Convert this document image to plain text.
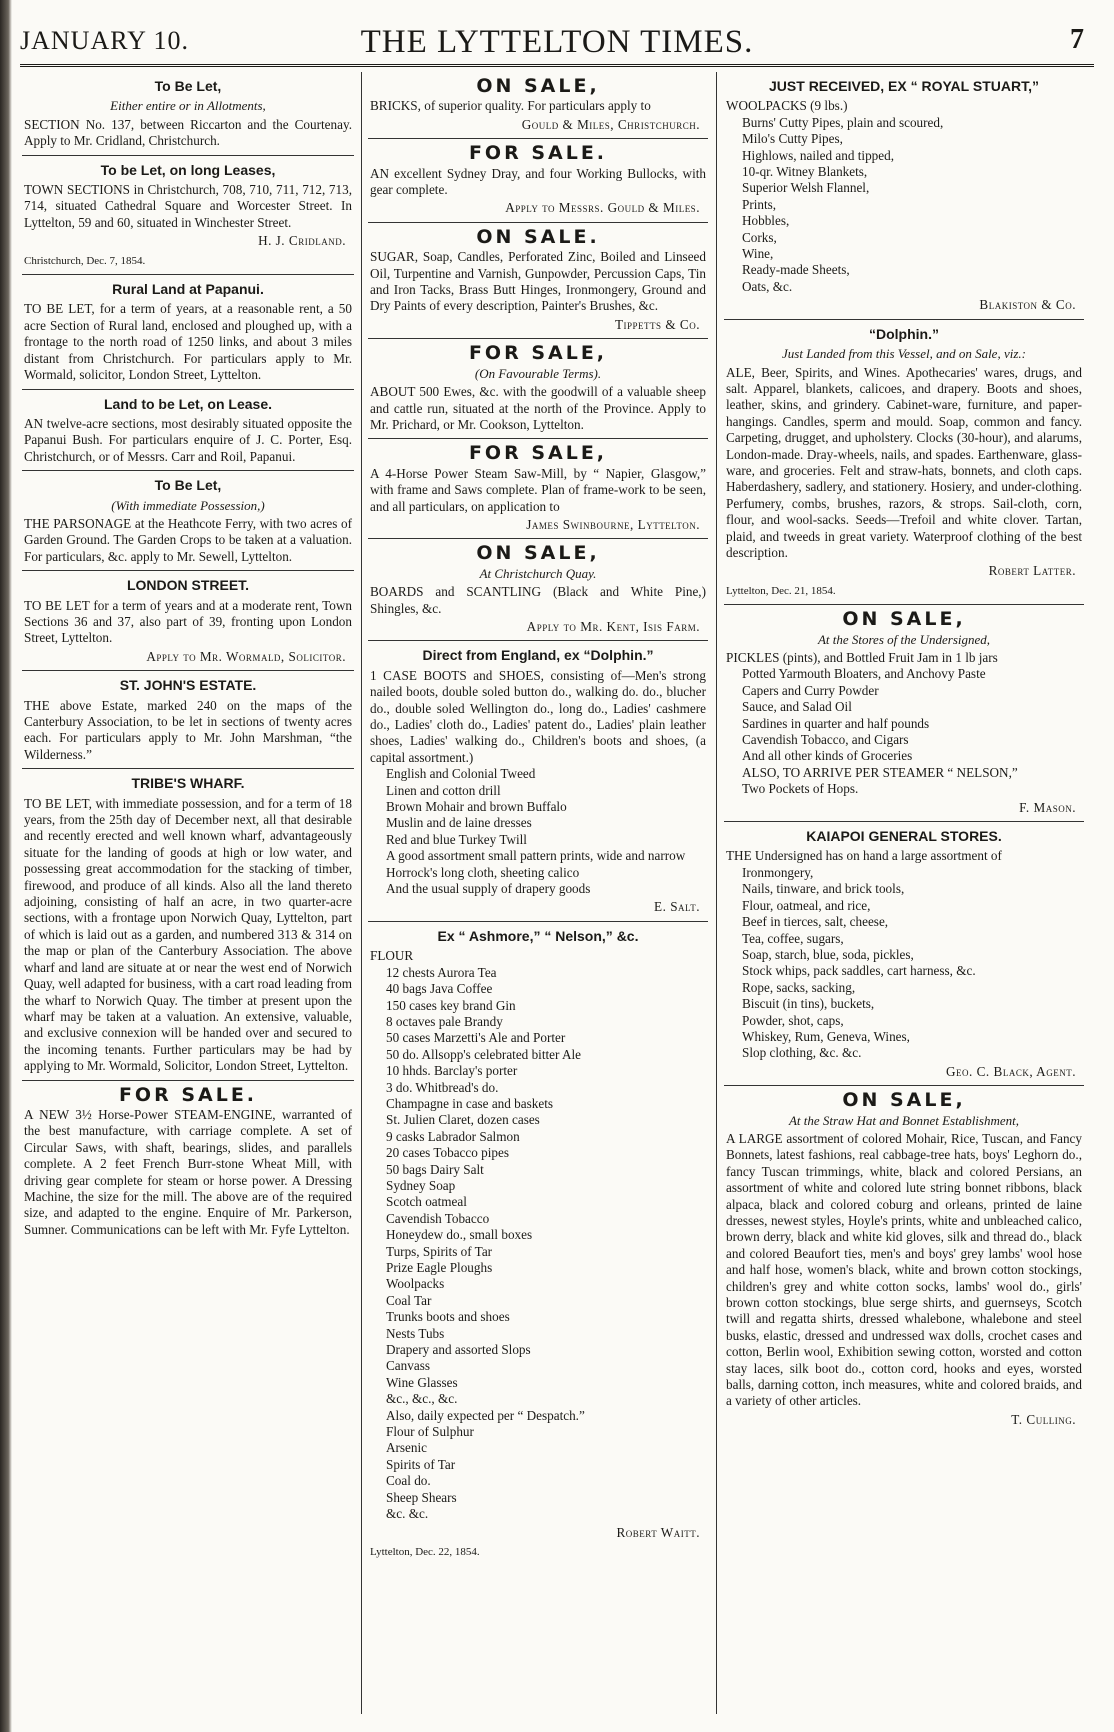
JANUARY 10.	THE LYTTELTON TIMES.	7
To Be Let,
Either entire or in Allotments,

SECTION No. 137, between Riccarton and the Courtenay. Apply to Mr. Cridland, Christchurch.

To be Let, on long Leases,

TOWN SECTIONS in Christchurch, 708, 710, 711, 712, 713, 714, situated Cathedral Square and Worcester Street. In Lyttelton, 59 and 60, situated in Winchester Street.

H. J. Cridland.
Christchurch, Dec. 7, 1854.
Rural Land at Papanui.

TO BE LET, for a term of years, at a reasonable rent, a 50 acre Section of Rural land, enclosed and ploughed up, with a frontage to the north road of 1250 links, and about 3 miles distant from Christchurch. For particulars apply to Mr. Wormald, solicitor, London Street, Lyttelton.

Land to be Let, on Lease.

AN twelve-acre sections, most desirably situated opposite the Papanui Bush. For particulars enquire of J. C. Porter, Esq. Christchurch, or of Messrs. Carr and Roil, Papanui.

To Be Let,
(With immediate Possession,)

THE PARSONAGE at the Heathcote Ferry, with two acres of Garden Ground. The Garden Crops to be taken at a valuation. For particulars, &c. apply to Mr. Sewell, Lyttelton.

LONDON STREET.

TO BE LET for a term of years and at a moderate rent, Town Sections 36 and 37, also part of 39, fronting upon London Street, Lyttelton.

Apply to Mr. Wormald, Solicitor.
ST. JOHN'S ESTATE.

THE above Estate, marked 240 on the maps of the Canterbury Association, to be let in sections of twenty acres each. For particulars apply to Mr. John Marshman, “the Wilderness.”

TRIBE'S WHARF.

TO BE LET, with immediate possession, and for a term of 18 years, from the 25th day of December next, all that desirable and recently erected and well known wharf, advantageously situate for the landing of goods at high or low water, and possessing great accommodation for the stacking of timber, firewood, and produce of all kinds. Also all the land thereto adjoining, consisting of half an acre, in two quarter-acre sections, with a frontage upon Norwich Quay, Lyttelton, part of which is laid out as a garden, and numbered 313 & 314 on the map or plan of the Canterbury Association. The above wharf and land are situate at or near the west end of Norwich Quay, well adapted for business, with a cart road leading from the wharf to Norwich Quay. The timber at present upon the wharf may be taken at a valuation. An extensive, valuable, and exclusive connexion will be handed over and secured to the incoming tenants. Further particulars may be had by applying to Mr. Wormald, Solicitor, London Street, Lyttelton.

FOR SALE.

A NEW 3½ Horse-Power STEAM-ENGINE, warranted of the best manufacture, with carriage complete. A set of Circular Saws, with shaft, bearings, slides, and parallels complete. A 2 feet French Burr-stone Wheat Mill, with driving gear complete for steam or horse power. A Dressing Machine, the size for the mill. The above are of the required size, and adapted to the engine. Enquire of Mr. Parkerson, Sumner. Communications can be left with Mr. Fyfe Lyttelton.

ON SALE,

BRICKS, of superior quality. For particulars apply to

Gould & Miles, Christchurch.
FOR SALE.

AN excellent Sydney Dray, and four Working Bullocks, with gear complete.

Apply to Messrs. Gould & Miles.
ON SALE.

SUGAR, Soap, Candles, Perforated Zinc, Boiled and Linseed Oil, Turpentine and Varnish, Gunpowder, Percussion Caps, Tin and Iron Tacks, Brass Butt Hinges, Ironmongery, Ground and Dry Paints of every description, Painter's Brushes, &c.

Tippetts & Co.
FOR SALE,
(On Favourable Terms).

ABOUT 500 Ewes, &c. with the goodwill of a valuable sheep and cattle run, situated at the north of the Province. Apply to Mr. Prichard, or Mr. Cookson, Lyttelton.

FOR SALE,

A 4-Horse Power Steam Saw-Mill, by “ Napier, Glasgow,” with frame and Saws complete. Plan of frame-work to be seen, and all particulars, on application to

James Swinbourne, Lyttelton.
ON SALE,
At Christchurch Quay.

BOARDS and SCANTLING (Black and White Pine,) Shingles, &c.

Apply to Mr. Kent, Isis Farm.
Direct from England, ex “Dolphin.”

1 CASE BOOTS and SHOES, consisting of—Men's strong nailed boots, double soled button do., walking do. do., blucher do., double soled Wellington do., long do., Ladies' cashmere do., Ladies' cloth do., Ladies' patent do., Ladies' plain leather shoes, Ladies' walking do., Children's boots and shoes, (a capital assortment.)

English and Colonial Tweed

Linen and cotton drill

Brown Mohair and brown Buffalo

Muslin and de laine dresses

Red and blue Turkey Twill

A good assortment small pattern prints, wide and narrow

Horrock's long cloth, sheeting calico

And the usual supply of drapery goods

E. Salt.
Ex “ Ashmore,” “ Nelson,” &c.

FLOUR

12 chests Aurora Tea

40 bags Java Coffee

150 cases key brand Gin

8 octaves pale Brandy

50 cases Marzetti's Ale and Porter

50 do. Allsopp's celebrated bitter Ale

10 hhds. Barclay's porter

3 do. Whitbread's do.

Champagne in case and baskets

St. Julien Claret, dozen cases

9 casks Labrador Salmon

20 cases Tobacco pipes

50 bags Dairy Salt

Sydney Soap

Scotch oatmeal

Cavendish Tobacco

Honeydew do., small boxes

Turps, Spirits of Tar

Prize Eagle Ploughs

Woolpacks

Coal Tar

Trunks boots and shoes

Nests Tubs

Drapery and assorted Slops

Canvass

Wine Glasses

&c., &c., &c.

Also, daily expected per “ Despatch.”

Flour of Sulphur

Arsenic

Spirits of Tar

Coal do.

Sheep Shears

&c. &c.

Robert Waitt.
Lyttelton, Dec. 22, 1854.
JUST RECEIVED, EX “ ROYAL STUART,”

WOOLPACKS (9 lbs.)

Burns' Cutty Pipes, plain and scoured,

Milo's Cutty Pipes,

Highlows, nailed and tipped,

10-qr. Witney Blankets,

Superior Welsh Flannel,

Prints,

Hobbles,

Corks,

Wine,

Ready-made Sheets,

Oats, &c.

Blakiston & Co.
“Dolphin.”
Just Landed from this Vessel, and on Sale, viz.:

ALE, Beer, Spirits, and Wines. Apothecaries' wares, drugs, and salt. Apparel, blankets, calicoes, and drapery. Boots and shoes, leather, skins, and grindery. Cabinet-ware, furniture, and paper-hangings. Candles, sperm and mould. Soap, common and fancy. Carpeting, drugget, and upholstery. Clocks (30-hour), and alarums, London-made. Dray-wheels, nails, and spades. Earthenware, glass-ware, and groceries. Felt and straw-hats, bonnets, and cloth caps. Haberdashery, sadlery, and stationery. Hosiery, and under-clothing. Perfumery, combs, brushes, razors, & strops. Sail-cloth, corn, flour, and wool-sacks. Seeds—Trefoil and white clover. Tartan, plaid, and tweeds in great variety. Waterproof clothing of the best description.

Robert Latter.
Lyttelton, Dec. 21, 1854.
ON SALE,
At the Stores of the Undersigned,

PICKLES (pints), and Bottled Fruit Jam in 1 lb jars

Potted Yarmouth Bloaters, and Anchovy Paste

Capers and Curry Powder

Sauce, and Salad Oil

Sardines in quarter and half pounds

Cavendish Tobacco, and Cigars

And all other kinds of Groceries

ALSO, TO ARRIVE PER STEAMER “ NELSON,”

Two Pockets of Hops.

F. Mason.
KAIAPOI GENERAL STORES.

THE Undersigned has on hand a large assortment of

Ironmongery,

Nails, tinware, and brick tools,

Flour, oatmeal, and rice,

Beef in tierces, salt, cheese,

Tea, coffee, sugars,

Soap, starch, blue, soda, pickles,

Stock whips, pack saddles, cart harness, &c.

Rope, sacks, sacking,

Biscuit (in tins), buckets,

Powder, shot, caps,

Whiskey, Rum, Geneva, Wines,

Slop clothing, &c. &c.

Geo. C. Black, Agent.
ON SALE,
At the Straw Hat and Bonnet Establishment,

A LARGE assortment of colored Mohair, Rice, Tuscan, and Fancy Bonnets, latest fashions, real cabbage-tree hats, boys' Leghorn do., fancy Tuscan trimmings, white, black and colored Persians, an assortment of white and colored lute string bonnet ribbons, black alpaca, black and colored coburg and orleans, printed de laine dresses, newest styles, Hoyle's prints, white and unbleached calico, brown derry, black and white kid gloves, silk and thread do., black and colored Beaufort ties, men's and boys' grey lambs' wool hose and half hose, women's black, white and brown cotton stockings, children's grey and white cotton socks, lambs' wool do., girls' brown cotton stockings, blue serge shirts, and guernseys, Scotch twill and regatta shirts, dressed whalebone, whalebone and steel busks, elastic, dressed and undressed wax dolls, crochet cases and cotton, Berlin wool, Exhibition sewing cotton, worsted and cotton stay laces, silk boot do., cotton cord, hooks and eyes, worsted balls, darning cotton, inch measures, white and colored braids, and a variety of other articles.

T. Culling.
